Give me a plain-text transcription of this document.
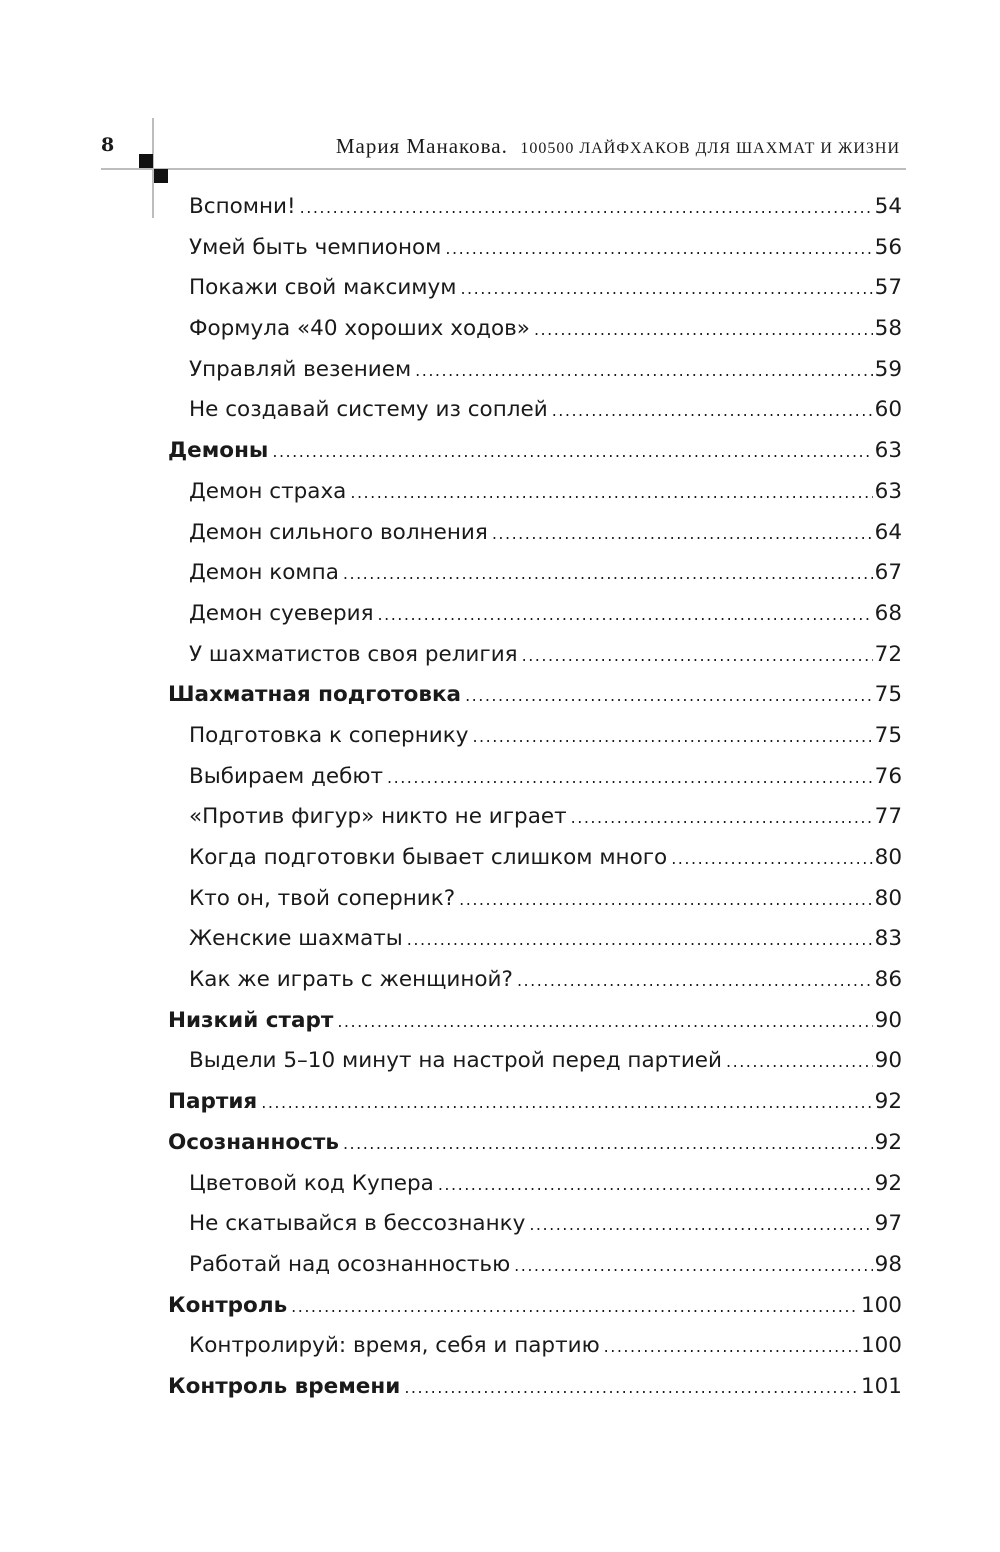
8	Мария Манакова. 100500 ЛАЙФХАКОВ ДЛЯ ШАХМАТ И ЖИЗНИ
Вспомни! .....	54
Умей быть чемпионом .....	56
Покажи свой максимум .....	57
Формула «40 хороших ходов» .....	58
Управляй везением .....	59
Не создавай систему из соплей .....	60
Демоны .....	63
Демон страха .....	63
Демон сильного волнения .....	64
Демон компа .....	67
Демон суеверия .....	68
У шахматистов своя религия .....	72
Шахматная подготовка .....	75
Подготовка к сопернику .....	75
Выбираем дебют .....	76
«Против фигур» никто не играет .....	77
Когда подготовки бывает слишком много .....	80
Кто он, твой соперник? .....	80
Женские шахматы .....	83
Как же играть с женщиной? .....	86
Низкий старт .....	90
Выдели 5–10 минут на настрой перед партией .....	90
Партия .....	92
Осознанность .....	92
Цветовой код Купера .....	92
Не скатывайся в бессознанку .....	97
Работай над осознанностью .....	98
Контроль .....	100
Контролируй: время, себя и партию .....	100
Контроль времени .....	101
